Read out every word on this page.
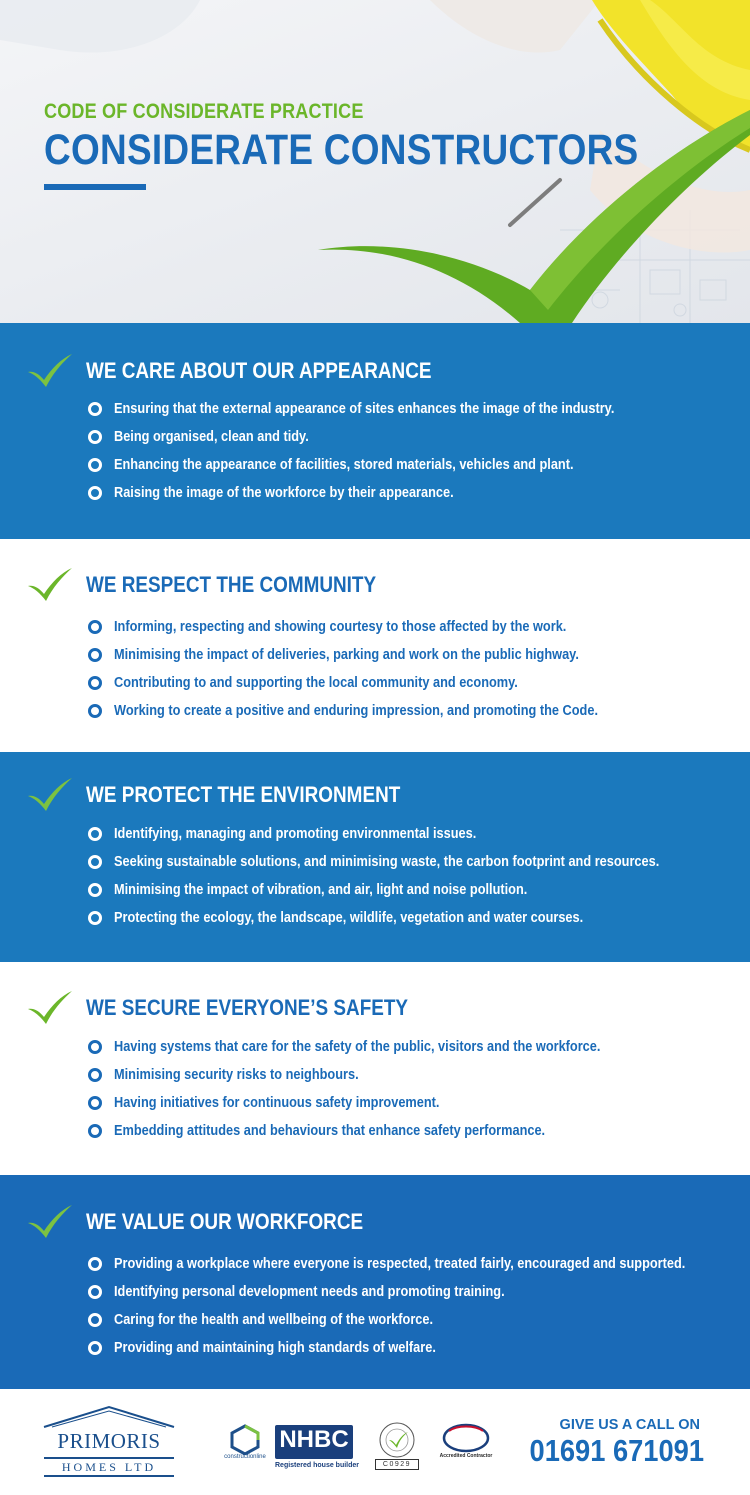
CODE OF CONSIDERATE PRACTICE
CONSIDERATE CONSTRUCTORS
WE CARE ABOUT OUR APPEARANCE
Ensuring that the external appearance of sites enhances the image of the industry.
Being organised, clean and tidy.
Enhancing the appearance of facilities, stored materials, vehicles and plant.
Raising the image of the workforce by their appearance.
WE RESPECT THE COMMUNITY
Informing, respecting and showing courtesy to those affected by the work.
Minimising the impact of deliveries, parking and work on the public highway.
Contributing to and supporting the local community and economy.
Working to create a positive and enduring impression, and promoting the Code.
WE PROTECT THE ENVIRONMENT
Identifying, managing and promoting environmental issues.
Seeking sustainable solutions, and minimising waste, the carbon footprint and resources.
Minimising the impact of vibration, and air, light and noise pollution.
Protecting the ecology, the landscape, wildlife, vegetation and water courses.
WE SECURE EVERYONE’S SAFETY
Having systems that care for the safety of the public, visitors and the workforce.
Minimising security risks to neighbours.
Having initiatives for continuous safety improvement.
Embedding attitudes and behaviours that enhance safety performance.
WE VALUE OUR WORKFORCE
Providing a workplace where everyone is respected, treated fairly, encouraged and supported.
Identifying personal development needs and promoting training.
Caring for the health and wellbeing of the workforce.
Providing and maintaining high standards of welfare.
PRIMORIS
HOMES LTD
constructionline
NHBC
Registered house builder	C0929
Accredited Contractor
GIVE US A CALL ON
01691 671091
